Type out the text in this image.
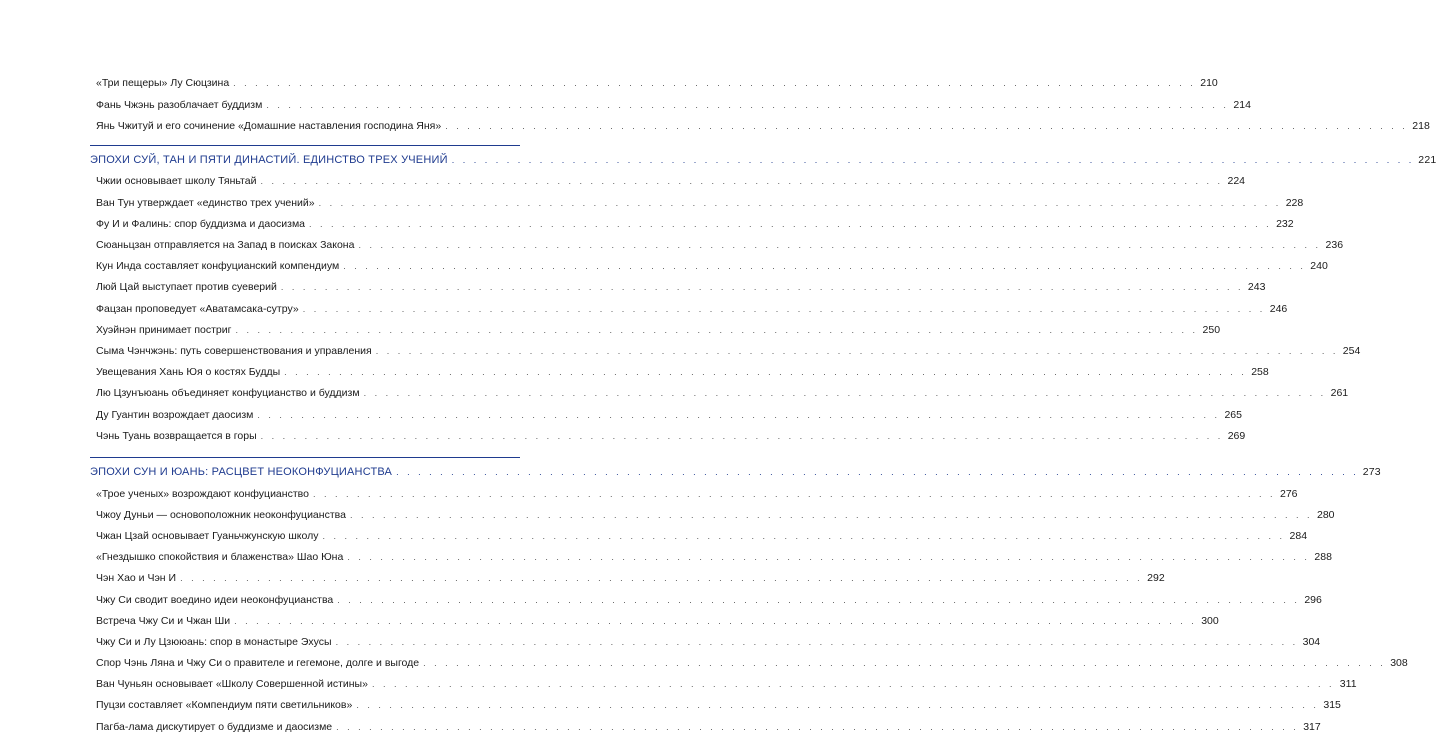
«Три пещеры» Лу Сюцзина . . . . . . . . . . . . . . . . . . . . . . . . . . . . . . . . . . . . . . . . . . . . . . . . . . . . . . . . . . . . . . . . . . . . . . . . . . . . . . . . . . . . . . . . 210
Фань Чжэнь разоблачает буддизм . . . . . . . . . . . . . . . . . . . . . . . . . . . . . . . . . . . . . . . . . . . . . . . . . . . . . . . . . . . . . . . . . . . . . . . . . . . . . . . . . . . . . . . . 214
Янь Чжитуй и его сочинение «Домашние наставления господина Яня» . . . . . . . . . . . . . . . . . . . . . . . . . . . . . . . . . . . . . . . . . . . . . . . . . . . . . . . . . . . . . . . . . . . . . . . . . . . . . . . . . . . . . . . . 218
ЭПОХИ СУЙ, ТАН И ПЯТИ ДИНАСТИЙ. ЕДИНСТВО ТРЕХ УЧЕНИЙ . . . . . . . . . . . . . . . . . . . . . . . . . . . . . . . . . . . . . . . . . . . . . . . . . . . . . . . . . . . . . . . . . . . . . . . . . . . . . . . . . . . . . . . . 221
Чжии основывает школу Тяньтай . . . . . . . . . . . . . . . . . . . . . . . . . . . . . . . . . . . . . . . . . . . . . . . . . . . . . . . . . . . . . . . . . . . . . . . . . . . . . . . . . . . . . . . . 224
Ван Тун утверждает «единство трех учений» . . . . . . . . . . . . . . . . . . . . . . . . . . . . . . . . . . . . . . . . . . . . . . . . . . . . . . . . . . . . . . . . . . . . . . . . . . . . . . . . . . . . . . . . 228
Фу И и Фалинь: спор буддизма и даосизма . . . . . . . . . . . . . . . . . . . . . . . . . . . . . . . . . . . . . . . . . . . . . . . . . . . . . . . . . . . . . . . . . . . . . . . . . . . . . . . . . . . . . . . . 232
Сюаньцзан отправляется на Запад в поисках Закона . . . . . . . . . . . . . . . . . . . . . . . . . . . . . . . . . . . . . . . . . . . . . . . . . . . . . . . . . . . . . . . . . . . . . . . . . . . . . . . . . . . . . . . . 236
Кун Инда составляет конфуцианский компендиум . . . . . . . . . . . . . . . . . . . . . . . . . . . . . . . . . . . . . . . . . . . . . . . . . . . . . . . . . . . . . . . . . . . . . . . . . . . . . . . . . . . . . . . . 240
Люй Цай выступает против суеверий . . . . . . . . . . . . . . . . . . . . . . . . . . . . . . . . . . . . . . . . . . . . . . . . . . . . . . . . . . . . . . . . . . . . . . . . . . . . . . . . . . . . . . . . 243
Фацзан проповедует «Аватамсака-сутру» . . . . . . . . . . . . . . . . . . . . . . . . . . . . . . . . . . . . . . . . . . . . . . . . . . . . . . . . . . . . . . . . . . . . . . . . . . . . . . . . . . . . . . . . 246
Хуэйнэн принимает постриг . . . . . . . . . . . . . . . . . . . . . . . . . . . . . . . . . . . . . . . . . . . . . . . . . . . . . . . . . . . . . . . . . . . . . . . . . . . . . . . . . . . . . . . . 250
Сыма Чэнчжэнь: путь совершенствования и управления . . . . . . . . . . . . . . . . . . . . . . . . . . . . . . . . . . . . . . . . . . . . . . . . . . . . . . . . . . . . . . . . . . . . . . . . . . . . . . . . . . . . . . . . 254
Увещевания Хань Юя о костях Будды . . . . . . . . . . . . . . . . . . . . . . . . . . . . . . . . . . . . . . . . . . . . . . . . . . . . . . . . . . . . . . . . . . . . . . . . . . . . . . . . . . . . . . . . 258
Лю Цзунъюань объединяет конфуцианство и буддизм . . . . . . . . . . . . . . . . . . . . . . . . . . . . . . . . . . . . . . . . . . . . . . . . . . . . . . . . . . . . . . . . . . . . . . . . . . . . . . . . . . . . . . . . 261
Ду Гуантин возрождает даосизм . . . . . . . . . . . . . . . . . . . . . . . . . . . . . . . . . . . . . . . . . . . . . . . . . . . . . . . . . . . . . . . . . . . . . . . . . . . . . . . . . . . . . . . . 265
Чэнь Туань возвращается в горы . . . . . . . . . . . . . . . . . . . . . . . . . . . . . . . . . . . . . . . . . . . . . . . . . . . . . . . . . . . . . . . . . . . . . . . . . . . . . . . . . . . . . . . . 269
ЭПОХИ СУН И ЮАНЬ: РАСЦВЕТ НЕОКОНФУЦИАНСТВА . . . . . . . . . . . . . . . . . . . . . . . . . . . . . . . . . . . . . . . . . . . . . . . . . . . . . . . . . . . . . . . . . . . . . . . . . . . . . . . . . . . . . . . . 273
«Трое ученых» возрождают конфуцианство . . . . . . . . . . . . . . . . . . . . . . . . . . . . . . . . . . . . . . . . . . . . . . . . . . . . . . . . . . . . . . . . . . . . . . . . . . . . . . . . . . . . . . . . 276
Чжоу Дуньи — основоположник неоконфуцианства . . . . . . . . . . . . . . . . . . . . . . . . . . . . . . . . . . . . . . . . . . . . . . . . . . . . . . . . . . . . . . . . . . . . . . . . . . . . . . . . . . . . . . . . 280
Чжан Цзай основывает Гуаньчжунскую школу . . . . . . . . . . . . . . . . . . . . . . . . . . . . . . . . . . . . . . . . . . . . . . . . . . . . . . . . . . . . . . . . . . . . . . . . . . . . . . . . . . . . . . . . 284
«Гнездышко спокойствия и блаженства» Шао Юна . . . . . . . . . . . . . . . . . . . . . . . . . . . . . . . . . . . . . . . . . . . . . . . . . . . . . . . . . . . . . . . . . . . . . . . . . . . . . . . . . . . . . . . . 288
Чэн Хао и Чэн И . . . . . . . . . . . . . . . . . . . . . . . . . . . . . . . . . . . . . . . . . . . . . . . . . . . . . . . . . . . . . . . . . . . . . . . . . . . . . . . . . . . . . . . . 292
Чжу Си сводит воедино идеи неоконфуцианства . . . . . . . . . . . . . . . . . . . . . . . . . . . . . . . . . . . . . . . . . . . . . . . . . . . . . . . . . . . . . . . . . . . . . . . . . . . . . . . . . . . . . . . . 296
Встреча Чжу Си и Чжан Ши . . . . . . . . . . . . . . . . . . . . . . . . . . . . . . . . . . . . . . . . . . . . . . . . . . . . . . . . . . . . . . . . . . . . . . . . . . . . . . . . . . . . . . . . 300
Чжу Си и Лу Цзююань: спор в монастыре Эхусы . . . . . . . . . . . . . . . . . . . . . . . . . . . . . . . . . . . . . . . . . . . . . . . . . . . . . . . . . . . . . . . . . . . . . . . . . . . . . . . . . . . . . . . . 304
Спор Чэнь Ляна и Чжу Си о правителе и гегемоне, долге и выгоде . . . . . . . . . . . . . . . . . . . . . . . . . . . . . . . . . . . . . . . . . . . . . . . . . . . . . . . . . . . . . . . . . . . . . . . . . . . . . . . . . . . . . . . . 308
Ван Чуньян основывает «Школу Совершенной истины» . . . . . . . . . . . . . . . . . . . . . . . . . . . . . . . . . . . . . . . . . . . . . . . . . . . . . . . . . . . . . . . . . . . . . . . . . . . . . . . . . . . . . . . . 311
Пуцзи составляет «Компендиум пяти светильников» . . . . . . . . . . . . . . . . . . . . . . . . . . . . . . . . . . . . . . . . . . . . . . . . . . . . . . . . . . . . . . . . . . . . . . . . . . . . . . . . . . . . . . . . 315
Пагба-лама дискутирует о буддизме и даосизме . . . . . . . . . . . . . . . . . . . . . . . . . . . . . . . . . . . . . . . . . . . . . . . . . . . . . . . . . . . . . . . . . . . . . . . . . . . . . . . . . . . . . . . . 317
